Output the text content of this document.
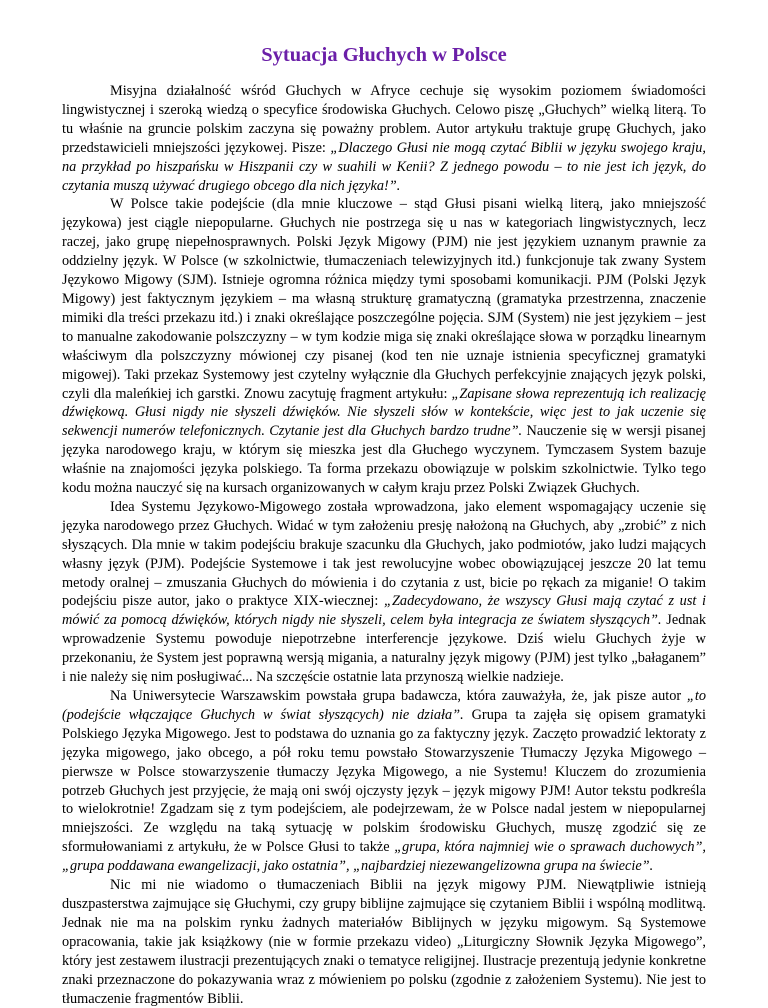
Sytuacja Głuchych w Polsce

Misyjna działalność wśród Głuchych w Afryce cechuje się wysokim poziomem świadomości lingwistycznej i szeroką wiedzą o specyfice środowiska Głuchych. Celowo piszę „Głuchych” wielką literą. To tu właśnie na gruncie polskim zaczyna się poważny problem. Autor artykułu traktuje grupę Głuchych, jako przedstawicieli mniejszości językowej. Pisze: „Dlaczego Głusi nie mogą czytać Biblii w języku swojego kraju, na przykład po hiszpańsku w Hiszpanii czy w suahili w Kenii? Z jednego powodu – to nie jest ich język, do czytania muszą używać drugiego obcego dla nich języka!”.

W Polsce takie podejście (dla mnie kluczowe – stąd Głusi pisani wielką literą, jako mniejszość językowa) jest ciągle niepopularne. Głuchych nie postrzega się u nas w kategoriach lingwistycznych, lecz raczej, jako grupę niepełnosprawnych. Polski Język Migowy (PJM) nie jest językiem uznanym prawnie za oddzielny język. W Polsce (w szkolnictwie, tłumaczeniach telewizyjnych itd.) funkcjonuje tak zwany System Językowo Migowy (SJM). Istnieje ogromna różnica między tymi sposobami komunikacji. PJM (Polski Język Migowy) jest faktycznym językiem – ma własną strukturę gramatyczną (gramatyka przestrzenna, znaczenie mimiki dla treści przekazu itd.) i znaki określające poszczególne pojęcia. SJM (System) nie jest językiem – jest to manualne zakodowanie polszczyzny – w tym kodzie miga się znaki określające słowa w porządku linearnym właściwym dla polszczyzny mówionej czy pisanej (kod ten nie uznaje istnienia specyficznej gramatyki migowej). Taki przekaz Systemowy jest czytelny wyłącznie dla Głuchych perfekcyjnie znających język polski, czyli dla maleńkiej ich garstki. Znowu zacytuję fragment artykułu: „Zapisane słowa reprezentują ich realizację dźwiękową. Głusi nigdy nie słyszeli dźwięków. Nie słyszeli słów w kontekście, więc jest to jak uczenie się sekwencji numerów telefonicznych. Czytanie jest dla Głuchych bardzo trudne”. Nauczenie się w wersji pisanej języka narodowego kraju, w którym się mieszka jest dla Głuchego wyczynem. Tymczasem System bazuje właśnie na znajomości języka polskiego. Ta forma przekazu obowiązuje w polskim szkolnictwie. Tylko tego kodu można nauczyć się na kursach organizowanych w całym kraju przez Polski Związek Głuchych.

Idea Systemu Językowo-Migowego została wprowadzona, jako element wspomagający uczenie się języka narodowego przez Głuchych. Widać w tym założeniu presję nałożoną na Głuchych, aby „zrobić” z nich słyszących. Dla mnie w takim podejściu brakuje szacunku dla Głuchych, jako podmiotów, jako ludzi mających własny język (PJM). Podejście Systemowe i tak jest rewolucyjne wobec obowiązującej jeszcze 20 lat temu metody oralnej – zmuszania Głuchych do mówienia i do czytania z ust, bicie po rękach za miganie! O takim podejściu pisze autor, jako o praktyce XIX-wiecznej: „Zadecydowano, że wszyscy Głusi mają czytać z ust i mówić za pomocą dźwięków, których nigdy nie słyszeli, celem była integracja ze światem słyszących”. Jednak wprowadzenie Systemu powoduje niepotrzebne interferencje językowe. Dziś wielu Głuchych żyje w przekonaniu, że System jest poprawną wersją migania, a naturalny język migowy (PJM) jest tylko „bałaganem” i nie należy się nim posługiwać... Na szczęście ostatnie lata przynoszą wielkie nadzieje.

Na Uniwersytecie Warszawskim powstała grupa badawcza, która zauważyła, że, jak pisze autor „to (podejście włączające Głuchych w świat słyszących) nie działa”. Grupa ta zajęła się opisem gramatyki Polskiego Języka Migowego. Jest to podstawa do uznania go za faktyczny język. Zaczęto prowadzić lektoraty z języka migowego, jako obcego, a pół roku temu powstało Stowarzyszenie Tłumaczy Języka Migowego – pierwsze w Polsce stowarzyszenie tłumaczy Języka Migowego, a nie Systemu! Kluczem do zrozumienia potrzeb Głuchych jest przyjęcie, że mają oni swój ojczysty język – język migowy PJM! Autor tekstu podkreśla to wielokrotnie! Zgadzam się z tym podejściem, ale podejrzewam, że w Polsce nadal jestem w niepopularnej mniejszości. Ze względu na taką sytuację w polskim środowisku Głuchych, muszę zgodzić się ze sformułowaniami z artykułu, że w Polsce Głusi to także „grupa, która najmniej wie o sprawach duchowych”, „grupa poddawana ewangelizacji, jako ostatnia”, „najbardziej niezewangelizowna grupa na świecie”.

Nic mi nie wiadomo o tłumaczeniach Biblii na język migowy PJM. Niewątpliwie istnieją duszpasterstwa zajmujące się Głuchymi, czy grupy biblijne zajmujące się czytaniem Biblii i wspólną modlitwą. Jednak nie ma na polskim rynku żadnych materiałów Biblijnych w języku migowym. Są Systemowe opracowania, takie jak książkowy (nie w formie przekazu video) „Liturgiczny Słownik Języka Migowego”, który jest zestawem ilustracji prezentujących znaki o tematyce religijnej. Ilustracje prezentują jedynie konkretne znaki przeznaczone do pokazywania wraz z mówieniem po polsku (zgodnie z założeniem Systemu). Nie jest to tłumaczenie fragmentów Biblii.
